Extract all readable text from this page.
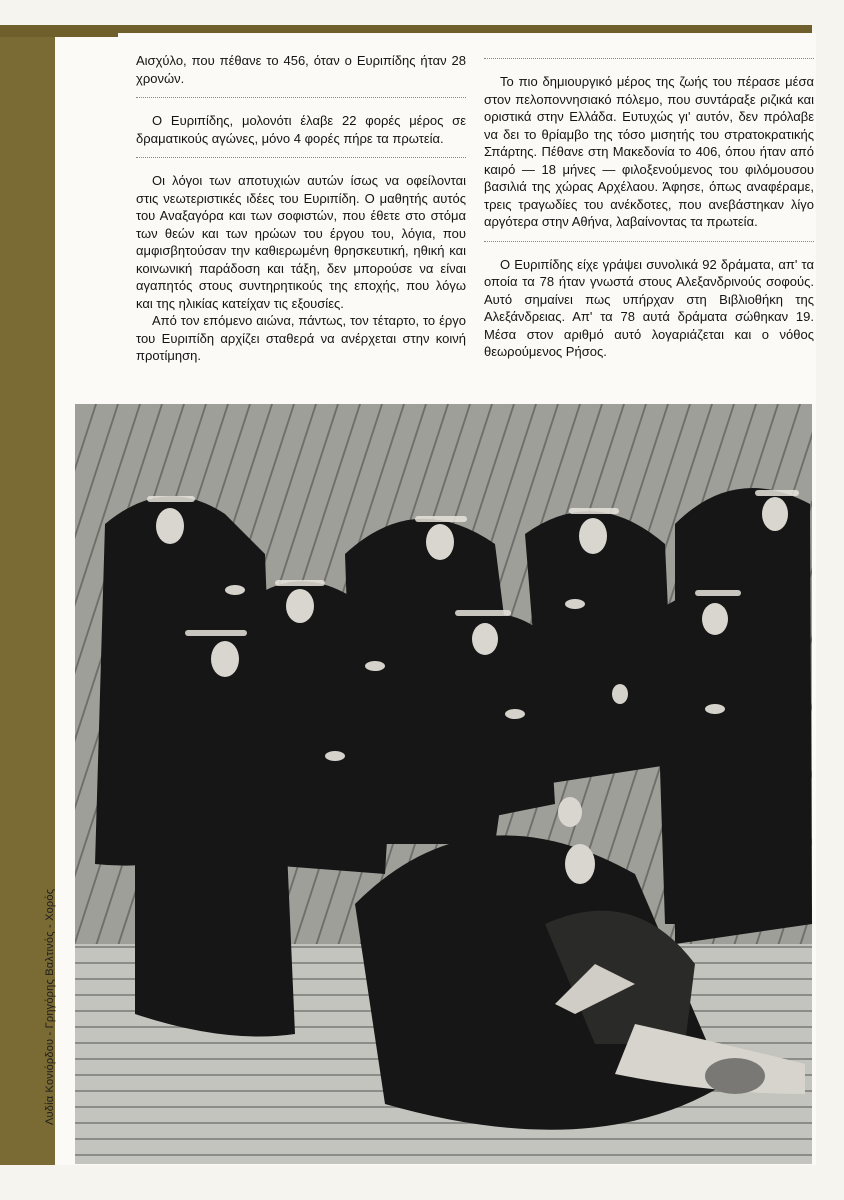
Αισχύλο, που πέθανε το 456, όταν ο Ευριπίδης ήταν 28 χρονών.

Ο Ευριπίδης, μολονότι έλαβε 22 φορές μέρος σε δραματικούς αγώνες, μόνο 4 φορές πήρε τα πρωτεία.

Οι λόγοι των αποτυχιών αυτών ίσως να οφείλονται στις νεωτεριστικές ιδέες του Ευριπίδη. Ο μαθητής αυτός του Αναξαγόρα και των σοφιστών, που έθετε στο στόμα των θεών και των ηρώων του έργου του, λόγια, που αμφισβητούσαν την καθιερωμένη θρησκευτική, ηθική και κοινωνική παράδοση και τάξη, δεν μπορούσε να είναι αγαπητός στους συντηρητικούς της εποχής, που λόγω και της ηλικίας κατείχαν τις εξουσίες.

Από τον επόμενο αιώνα, πάντως, τον τέταρτο, το έργο του Ευριπίδη αρχίζει σταθερά να ανέρχεται στην κοινή προτίμηση.

Το πιο δημιουργικό μέρος της ζωής του πέρασε μέσα στον πελοποννησιακό πόλεμο, που συντάραξε ριζικά και οριστικά στην Ελλάδα. Ευτυχώς γι' αυτόν, δεν πρόλαβε να δει το θρίαμβο της τόσο μισητής του στρατοκρατικής Σπάρτης. Πέθανε στη Μακεδονία το 406, όπου ήταν από καιρό — 18 μήνες — φιλοξενούμενος του φιλόμουσου βασιλιά της χώρας Αρχέλαου. Άφησε, όπως αναφέραμε, τρεις τραγωδίες του ανέκδοτες, που ανεβάστηκαν λίγο αργότερα στην Αθήνα, λαβαίνοντας τα πρωτεία.

Ο Ευριπίδης είχε γράψει συνολικά 92 δράματα, απ' τα οποία τα 78 ήταν γνωστά στους Αλεξανδρινούς σοφούς. Αυτό σημαίνει πως υπήρχαν στη Βιβλιοθήκη της Αλεξάνδρειας. Απ' τα 78 αυτά δράματα σώθηκαν 19. Μέσα στον αριθμό αυτό λογαριάζεται και ο νόθος θεωρούμενος Ρήσος.

Λυδία Κονιόρδου - Γρηγόρης Βαλτινός - Χορός
